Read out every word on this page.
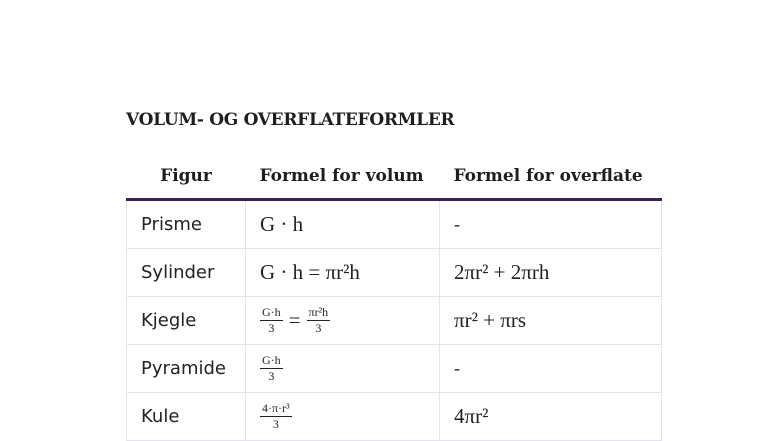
VOLUM- OG OVERFLATEFORMLER
Figur	Formel for volum	Formel for overflate
Prisme	G · h	-
Sylinder	G · h = πr²h	2πr² + 2πrh
Kjegle	$\frac{G\cdot h}{3} = \frac{\text{πr²h}}{3}$	πr² + πrs
Pyramide	$\frac{G\cdot h}{3}$	-
Kule	$\frac{\text{4·π·r³}}{3}$	4πr²
